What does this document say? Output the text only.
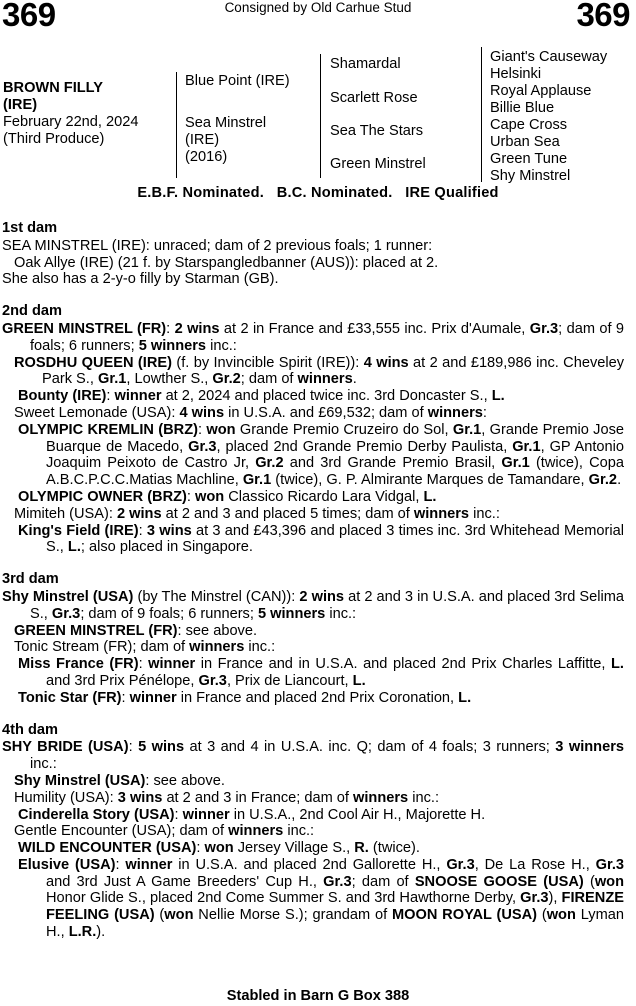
369	Consigned by Old Carhue Stud	369
BROWN FILLY
(IRE)
February 22nd, 2024
(Third Produce)
Blue Point (IRE)
Sea Minstrel
(IRE)
(2016)
Shamardal
Scarlett Rose
Sea The Stars
Green Minstrel
Giant's Causeway
Helsinki
Royal Applause
Billie Blue
Cape Cross
Urban Sea
Green Tune
Shy Minstrel
E.B.F. Nominated.   B.C. Nominated.   IRE Qualified
1st dam

SEA MINSTREL (IRE): unraced; dam of 2 previous foals; 1 runner:

Oak Allye (IRE) (21 f. by Starspangledbanner (AUS)): placed at 2.

She also has a 2-y-o filly by Starman (GB).

2nd dam

GREEN MINSTREL (FR): 2 wins at 2 in France and £33,555 inc. Prix d'Aumale, Gr.3; dam of 9 foals; 6 runners; 5 winners inc.:

ROSDHU QUEEN (IRE) (f. by Invincible Spirit (IRE)): 4 wins at 2 and £189,986 inc. Cheveley Park S., Gr.1, Lowther S., Gr.2; dam of winners.

Bounty (IRE): winner at 2, 2024 and placed twice inc. 3rd Doncaster S., L.

Sweet Lemonade (USA): 4 wins in U.S.A. and £69,532; dam of winners:

OLYMPIC KREMLIN (BRZ): won Grande Premio Cruzeiro do Sol, Gr.1, Grande Premio Jose Buarque de Macedo, Gr.3, placed 2nd Grande Premio Derby Paulista, Gr.1, GP Antonio Joaquim Peixoto de Castro Jr, Gr.2 and 3rd Grande Premio Brasil, Gr.1 (twice), Copa A.B.C.P.C.C.Matias Machline, Gr.1 (twice), G. P. Almirante Marques de Tamandare, Gr.2.

OLYMPIC OWNER (BRZ): won Classico Ricardo Lara Vidgal, L.

Mimiteh (USA): 2 wins at 2 and 3 and placed 5 times; dam of winners inc.:

King's Field (IRE): 3 wins at 3 and £43,396 and placed 3 times inc. 3rd Whitehead Memorial S., L.; also placed in Singapore.

3rd dam

Shy Minstrel (USA) (by The Minstrel (CAN)): 2 wins at 2 and 3 in U.S.A. and placed 3rd Selima S., Gr.3; dam of 9 foals; 6 runners; 5 winners inc.:

GREEN MINSTREL (FR): see above.

Tonic Stream (FR); dam of winners inc.:

Miss France (FR): winner in France and in U.S.A. and placed 2nd Prix Charles Laffitte, L. and 3rd Prix Pénélope, Gr.3, Prix de Liancourt, L.

Tonic Star (FR): winner in France and placed 2nd Prix Coronation, L.

4th dam

SHY BRIDE (USA): 5 wins at 3 and 4 in U.S.A. inc. Q; dam of 4 foals; 3 runners; 3 winners inc.:

Shy Minstrel (USA): see above.

Humility (USA): 3 wins at 2 and 3 in France; dam of winners inc.:

Cinderella Story (USA): winner in U.S.A., 2nd Cool Air H., Majorette H.

Gentle Encounter (USA); dam of winners inc.:

WILD ENCOUNTER (USA): won Jersey Village S., R. (twice).

Elusive (USA): winner in U.S.A. and placed 2nd Gallorette H., Gr.3, De La Rose H., Gr.3 and 3rd Just A Game Breeders' Cup H., Gr.3; dam of SNOOSE GOOSE (USA) (won Honor Glide S., placed 2nd Come Summer S. and 3rd Hawthorne Derby, Gr.3), FIRENZE FEELING (USA) (won Nellie Morse S.); grandam of MOON ROYAL (USA) (won Lyman H., L.R.).

Stabled in Barn G Box 388
